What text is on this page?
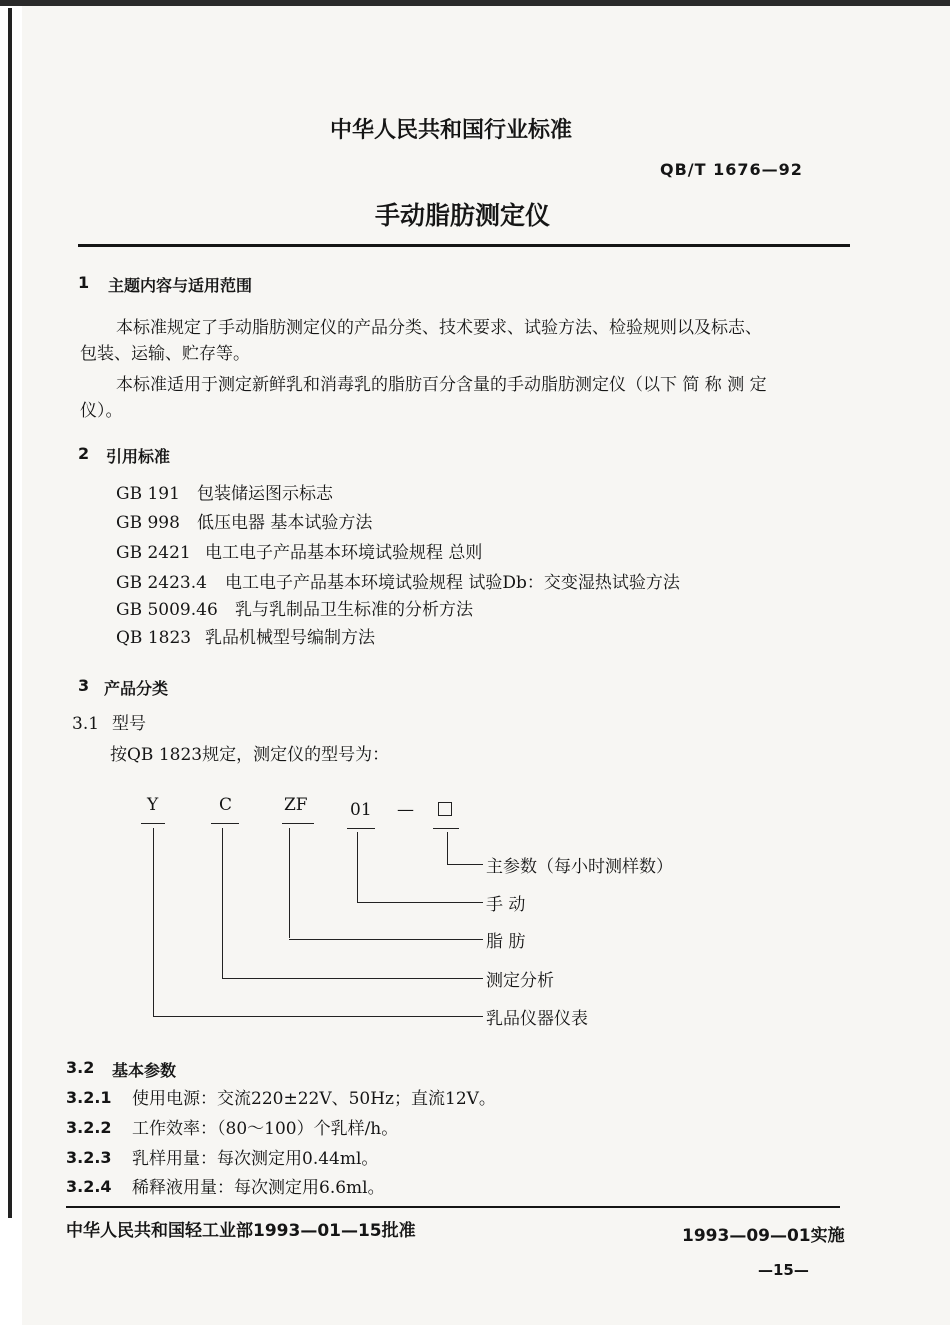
中华人民共和国行业标准
QB/T 1676—92
手动脂肪测定仪
1 主题内容与适用范围
本标准规定了手动脂肪测定仪的产品分类、技术要求、试验方法、检验规则以及标志、
包装、运输、贮存等。
本标准适用于测定新鲜乳和消毒乳的脂肪百分含量的手动脂肪测定仪（以下 简 称 测 定
仪）。
2 引用标准
GB 191 包装储运图示标志
GB 998 低压电器 基本试验方法
GB 2421 电工电子产品基本环境试验规程 总则
GB 2423.4 电工电子产品基本环境试验规程 试验Db：交变湿热试验方法
GB 5009.46 乳与乳制品卫生标准的分析方法
QB 1823 乳品机械型号编制方法
3 产品分类
3.1 型号
按QB 1823规定，测定仪的型号为：
Y	C	ZF 01 —
主参数（每小时测样数）
手 动
脂 肪
测定分析
乳品仪器仪表
3.2 基本参数
3.2.1 使用电源：交流220±22V、50Hz；直流12V。
3.2.2 工作效率：（80～100）个乳样/h。
3.2.3 乳样用量：每次测定用0.44ml。
3.2.4 稀释液用量：每次测定用6.6ml。
中华人民共和国轻工业部1993—01—15批准	1993—09—01实施
—15—
